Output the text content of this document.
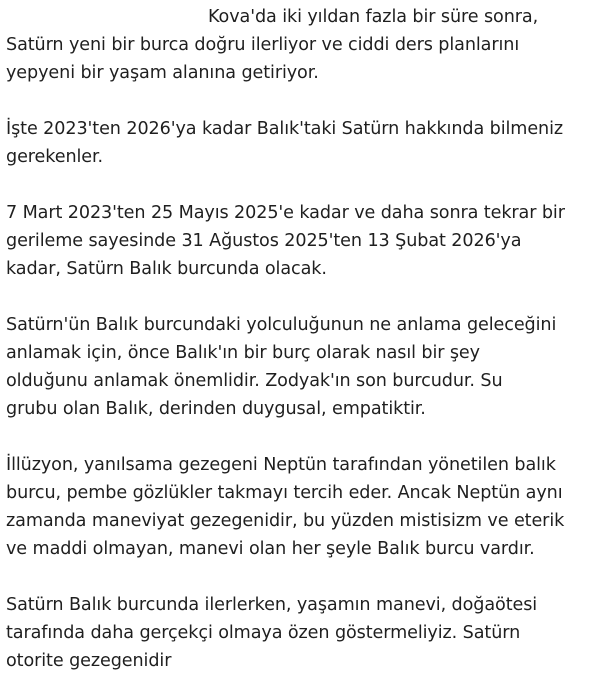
Kova'da iki yıldan fazla bir süre sonra,
Satürn yeni bir burca doğru ilerliyor ve ciddi ders planlarını
yepyeni bir yaşam alanına getiriyor.

İşte 2023'ten 2026'ya kadar Balık'taki Satürn hakkında bilmeniz
gerekenler.

7 Mart 2023'ten 25 Mayıs 2025'e kadar ve daha sonra tekrar bir
gerileme sayesinde 31 Ağustos 2025'ten 13 Şubat 2026'ya
kadar, Satürn Balık burcunda olacak.

Satürn'ün Balık burcundaki yolculuğunun ne anlama geleceğini
anlamak için, önce Balık'ın bir burç olarak nasıl bir şey
olduğunu anlamak önemlidir. Zodyak'ın son burcudur. Su
grubu olan Balık, derinden duygusal, empatiktir.

İllüzyon, yanılsama gezegeni Neptün tarafından yönetilen balık
burcu, pembe gözlükler takmayı tercih eder. Ancak Neptün aynı
zamanda maneviyat gezegenidir, bu yüzden mistisizm ve eterik
ve maddi olmayan, manevi olan her şeyle Balık burcu vardır.

Satürn Balık burcunda ilerlerken, yaşamın manevi, doğaötesi
tarafında daha gerçekçi olmaya özen göstermeliyiz. Satürn
otorite gezegenidir
